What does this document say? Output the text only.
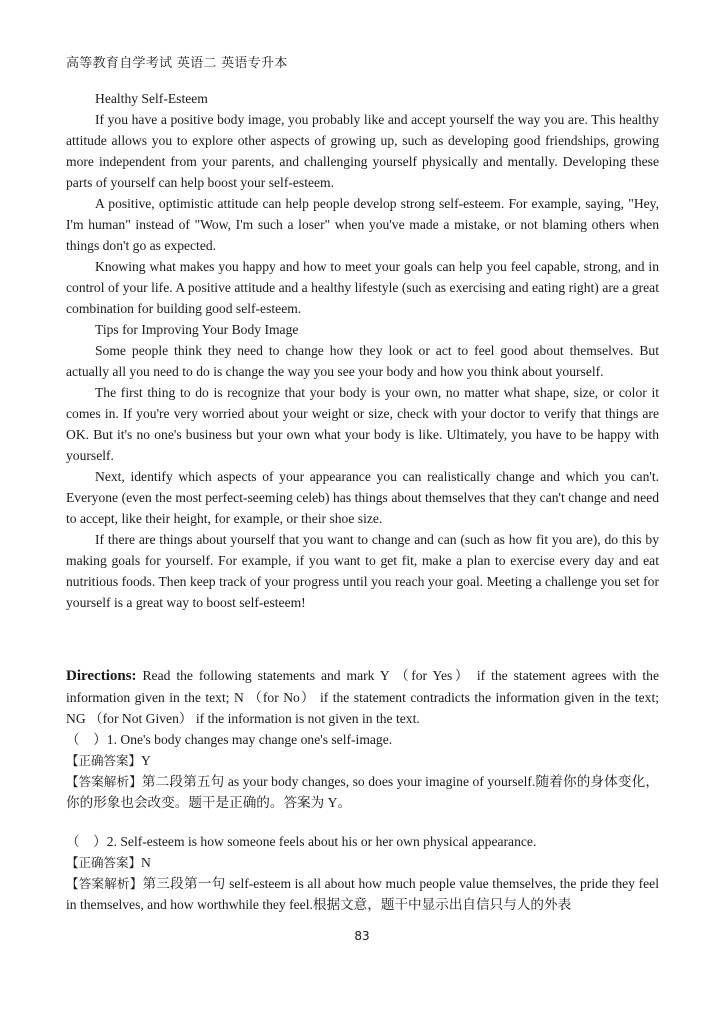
高等教育自学考试 英语二 英语专升本

Healthy Self-Esteem

If you have a positive body image, you probably like and accept yourself the way you are. This healthy attitude allows you to explore other aspects of growing up, such as developing good friendships, growing more independent from your parents, and challenging yourself physically and mentally. Developing these parts of yourself can help boost your self-esteem.

A positive, optimistic attitude can help people develop strong self-esteem. For example, saying, "Hey, I'm human" instead of "Wow, I'm such a loser" when you've made a mistake, or not blaming others when things don't go as expected.

Knowing what makes you happy and how to meet your goals can help you feel capable, strong, and in control of your life. A positive attitude and a healthy lifestyle (such as exercising and eating right) are a great combination for building good self-esteem.

Tips for Improving Your Body Image

Some people think they need to change how they look or act to feel good about themselves. But actually all you need to do is change the way you see your body and how you think about yourself.

The first thing to do is recognize that your body is your own, no matter what shape, size, or color it comes in. If you're very worried about your weight or size, check with your doctor to verify that things are OK. But it's no one's business but your own what your body is like. Ultimately, you have to be happy with yourself.

Next, identify which aspects of your appearance you can realistically change and which you can't. Everyone (even the most perfect-seeming celeb) has things about themselves that they can't change and need to accept, like their height, for example, or their shoe size.

If there are things about yourself that you want to change and can (such as how fit you are), do this by making goals for yourself. For example, if you want to get fit, make a plan to exercise every day and eat nutritious foods. Then keep track of your progress until you reach your goal. Meeting a challenge you set for yourself is a great way to boost self-esteem!

Directions: Read the following statements and mark Y （for Yes） if the statement agrees with the information given in the text; N （for No） if the statement contradicts the information given in the text; NG （for Not Given） if the information is not given in the text.

（　）1. One's body changes may change one's self-image.

【正确答案】Y

【答案解析】第二段第五句 as your body changes, so does your imagine of yourself.随着你的身体变化，你的形象也会改变。题干是正确的。答案为 Y。

（　）2. Self-esteem is how someone feels about his or her own physical appearance.

【正确答案】N

【答案解析】第三段第一句 self-esteem is all about how much people value themselves, the pride they feel in themselves, and how worthwhile they feel.根据文意，题干中显示出自信只与人的外表

83
